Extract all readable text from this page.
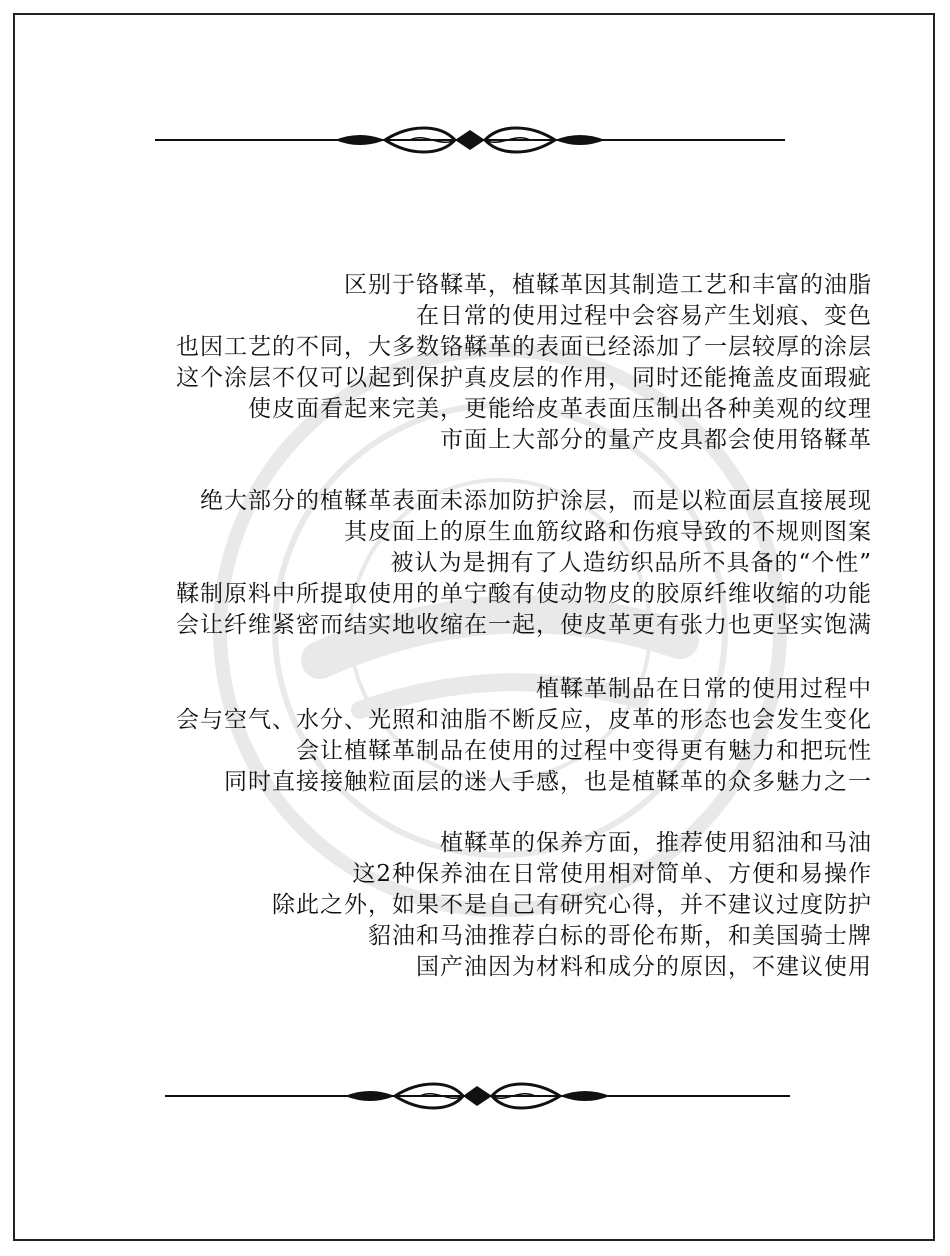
区别于铬鞣革，植鞣革因其制造工艺和丰富的油脂
在日常的使用过程中会容易产生划痕、变色
也因工艺的不同，大多数铬鞣革的表面已经添加了一层较厚的涂层
这个涂层不仅可以起到保护真皮层的作用，同时还能掩盖皮面瑕疵
使皮面看起来完美，更能给皮革表面压制出各种美观的纹理
市面上大部分的量产皮具都会使用铬鞣革
绝大部分的植鞣革表面未添加防护涂层，而是以粒面层直接展现
其皮面上的原生血筋纹路和伤痕导致的不规则图案
被认为是拥有了人造纺织品所不具备的“个性”
鞣制原料中所提取使用的单宁酸有使动物皮的胶原纤维收缩的功能
会让纤维紧密而结实地收缩在一起，使皮革更有张力也更坚实饱满
植鞣革制品在日常的使用过程中
会与空气、水分、光照和油脂不断反应，皮革的形态也会发生变化
会让植鞣革制品在使用的过程中变得更有魅力和把玩性
同时直接接触粒面层的迷人手感，也是植鞣革的众多魅力之一
植鞣革的保养方面，推荐使用貂油和马油
这2种保养油在日常使用相对简单、方便和易操作
除此之外，如果不是自己有研究心得，并不建议过度防护
貂油和马油推荐白标的哥伦布斯，和美国骑士牌
国产油因为材料和成分的原因，不建议使用
